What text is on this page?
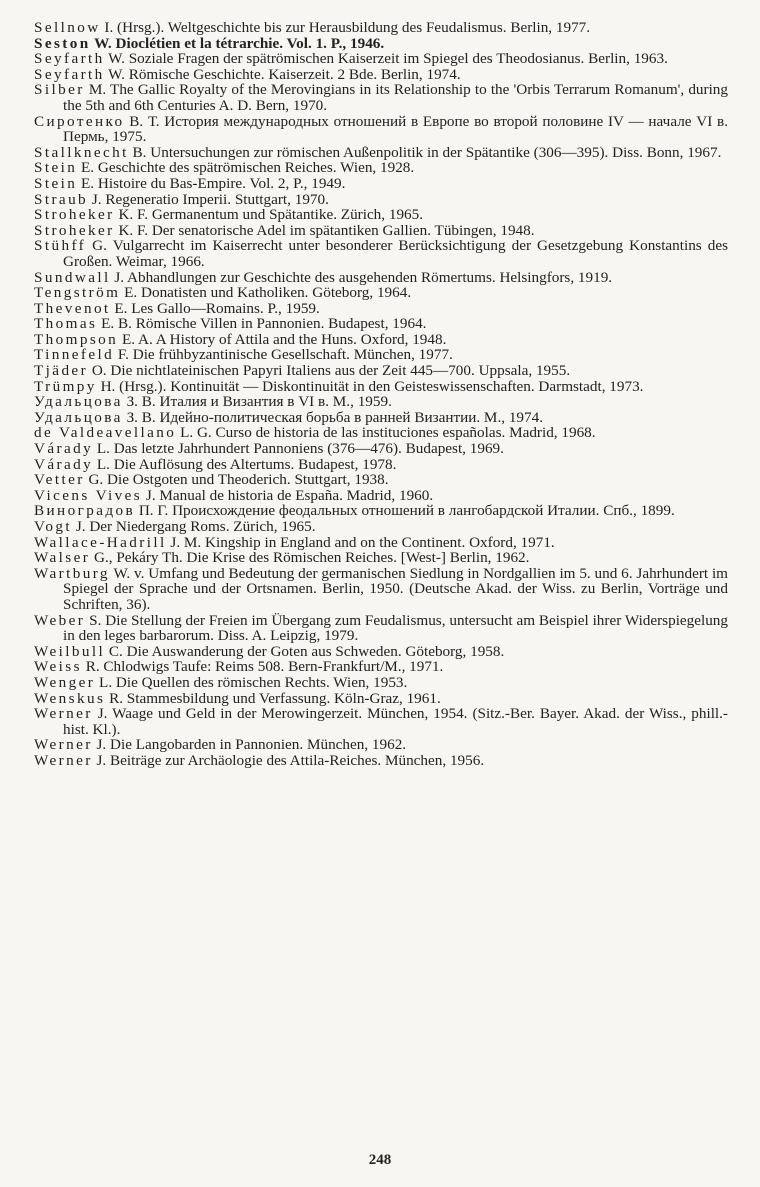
Sellnow I. (Hrsg.). Weltgeschichte bis zur Herausbildung des Feudalismus. Berlin, 1977.
Seston W. Dioclétien et la tétrarchie. Vol. 1. P., 1946.
Seyfarth W. Soziale Fragen der spätrömischen Kaiserzeit im Spiegel des Theodosianus. Berlin, 1963.
Seyfarth W. Römische Geschichte. Kaiserzeit. 2 Bde. Berlin, 1974.
Silber M. The Gallic Royalty of the Merovingians in its Relationship to the 'Orbis Terrarum Romanum', during the 5th and 6th Centuries A. D. Bern, 1970.
Сиротенко В. Т. История международных отношений в Европе во второй половине IV — начале VI в. Пермь, 1975.
Stallknecht B. Untersuchungen zur römischen Außenpolitik in der Spätantike (306—395). Diss. Bonn, 1967.
Stein E. Geschichte des spätrömischen Reiches. Wien, 1928.
Stein E. Histoire du Bas-Empire. Vol. 2, P., 1949.
Straub J. Regeneratio Imperii. Stuttgart, 1970.
Stroheker K. F. Germanentum und Spätantike. Zürich, 1965.
Stroheker K. F. Der senatorische Adel im spätantiken Gallien. Tübingen, 1948.
Stühff G. Vulgarrecht im Kaiserrecht unter besonderer Berücksichtigung der Gesetzgebung Konstantins des Großen. Weimar, 1966.
Sundwall J. Abhandlungen zur Geschichte des ausgehenden Römertums. Helsingfors, 1919.
Tengström E. Donatisten und Katholiken. Göteborg, 1964.
Thevenot E. Les Gallo—Romains. P., 1959.
Thomas E. B. Römische Villen in Pannonien. Budapest, 1964.
Thompson E. A. A History of Attila and the Huns. Oxford, 1948.
Tinnefeld F. Die frühbyzantinische Gesellschaft. München, 1977.
Tjäder O. Die nichtlateinischen Papyri Italiens aus der Zeit 445—700. Uppsala, 1955.
Trümpy H. (Hrsg.). Kontinuität — Diskontinuität in den Geisteswissenschaften. Darmstadt, 1973.
Удальцова З. В. Италия и Византия в VI в. М., 1959.
Удальцова З. В. Идейно-политическая борьба в ранней Византии. М., 1974.
de Valdeavellano L. G. Curso de historia de las instituciones españolas. Madrid, 1968.
Várady L. Das letzte Jahrhundert Pannoniens (376—476). Budapest, 1969.
Várady L. Die Auflösung des Altertums. Budapest, 1978.
Vetter G. Die Ostgoten und Theoderich. Stuttgart, 1938.
Vicens Vives J. Manual de historia de España. Madrid, 1960.
Виноградов П. Г. Происхождение феодальных отношений в лангобардской Италии. Спб., 1899.
Vogt J. Der Niedergang Roms. Zürich, 1965.
Wallace-Hadrill J. M. Kingship in England and on the Continent. Oxford, 1971.
Walser G., Pekáry Th. Die Krise des Römischen Reiches. [West-] Berlin, 1962.
Wartburg W. v. Umfang und Bedeutung der germanischen Siedlung in Nordgallien im 5. und 6. Jahrhundert im Spiegel der Sprache und der Ortsnamen. Berlin, 1950. (Deutsche Akad. der Wiss. zu Berlin, Vorträge und Schriften, 36).
Weber S. Die Stellung der Freien im Übergang zum Feudalismus, untersucht am Beispiel ihrer Widerspiegelung in den leges barbarorum. Diss. A. Leipzig, 1979.
Weilbull C. Die Auswanderung der Goten aus Schweden. Göteborg, 1958.
Weiss R. Chlodwigs Taufe: Reims 508. Bern-Frankfurt/M., 1971.
Wenger L. Die Quellen des römischen Rechts. Wien, 1953.
Wenskus R. Stammesbildung und Verfassung. Köln-Graz, 1961.
Werner J. Waage und Geld in der Merowingerzeit. München, 1954. (Sitz.-Ber. Bayer. Akad. der Wiss., phill.-hist. Kl.).
Werner J. Die Langobarden in Pannonien. München, 1962.
Werner J. Beiträge zur Archäologie des Attila-Reiches. München, 1956.
248
